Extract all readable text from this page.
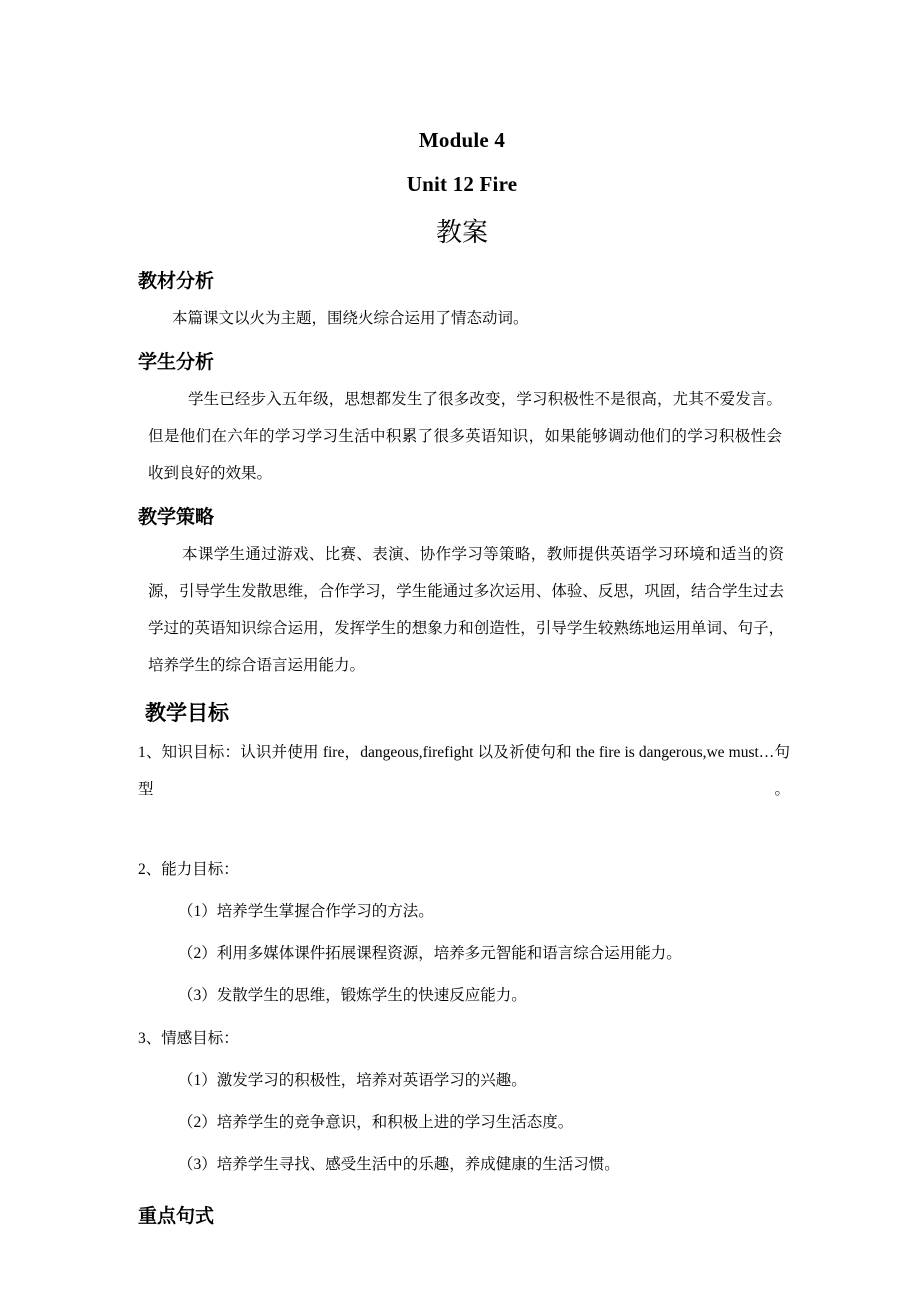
Module 4
Unit 12 Fire
教案
教材分析

本篇课文以火为主题，围绕火综合运用了情态动词。

学生分析

学生已经步入五年级，思想都发生了很多改变，学习积极性不是很高，尤其不爱发言。但是他们在六年的学习学习生活中积累了很多英语知识，如果能够调动他们的学习积极性会收到良好的效果。

教学策略

本课学生通过游戏、比赛、表演、协作学习等策略，教师提供英语学习环境和适当的资源，引导学生发散思维，合作学习，学生能通过多次运用、体验、反思，巩固，结合学生过去学过的英语知识综合运用，发挥学生的想象力和创造性，引导学生较熟练地运用单词、句子，培养学生的综合语言运用能力。

教学目标

1、知识目标：认识并使用 fire，dangeous,firefight 以及祈使句和 the fire is dangerous,we must…句型。

2、能力目标：

（1）培养学生掌握合作学习的方法。

（2）利用多媒体课件拓展课程资源，培养多元智能和语言综合运用能力。

（3）发散学生的思维，锻炼学生的快速反应能力。

3、情感目标：

（1）激发学习的积极性，培养对英语学习的兴趣。

（2）培养学生的竞争意识，和积极上进的学习生活态度。

（3）培养学生寻找、感受生活中的乐趣，养成健康的生活习惯。

重点句式
